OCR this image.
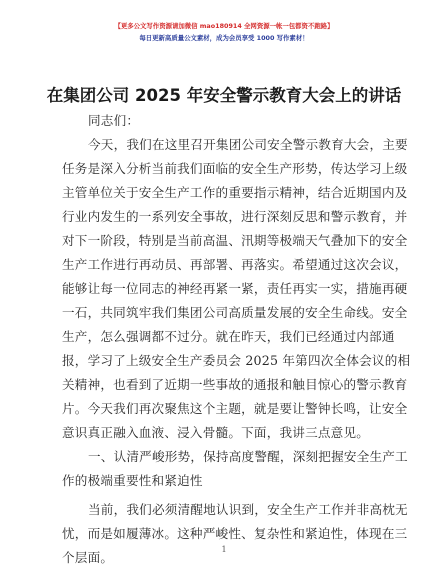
【更多公文写作资源请加微信 mao180914 全网资源一帐一包都资不跑路】
每日更新高质量公文素材，成为会员享受 1000 写作素材！
在集团公司 2025 年安全警示教育大会上的讲话
同志们：
今天，我们在这里召开集团公司安全警示教育大会，主要
任务是深入分析当前我们面临的安全生产形势，传达学习上级
主管单位关于安全生产工作的重要指示精神，结合近期国内及
行业内发生的一系列安全事故，进行深刻反思和警示教育，并
对下一阶段，特别是当前高温、汛期等极端天气叠加下的安全
生产工作进行再动员、再部署、再落实。希望通过这次会议，
能够让每一位同志的神经再紧一紧，责任再实一实，措施再硬
一石，共同筑牢我们集团公司高质量发展的安全生命线。安全
生产，怎么强调都不过分。就在昨天，我们已经通过内部通
报，学习了上级安全生产委员会 2025 年第四次全体会议的相
关精神，也看到了近期一些事故的通报和触目惊心的警示教育
片。今天我们再次聚焦这个主题，就是要让警钟长鸣，让安全
意识真正融入血液、浸入骨髓。下面，我讲三点意见。
一、认清严峻形势，保持高度警醒，深刻把握安全生产工
作的极端重要性和紧迫性
当前，我们必须清醒地认识到，安全生产工作并非高枕无
忧，而是如履薄冰。这种严峻性、复杂性和紧迫性，体现在三
个层面。
1
